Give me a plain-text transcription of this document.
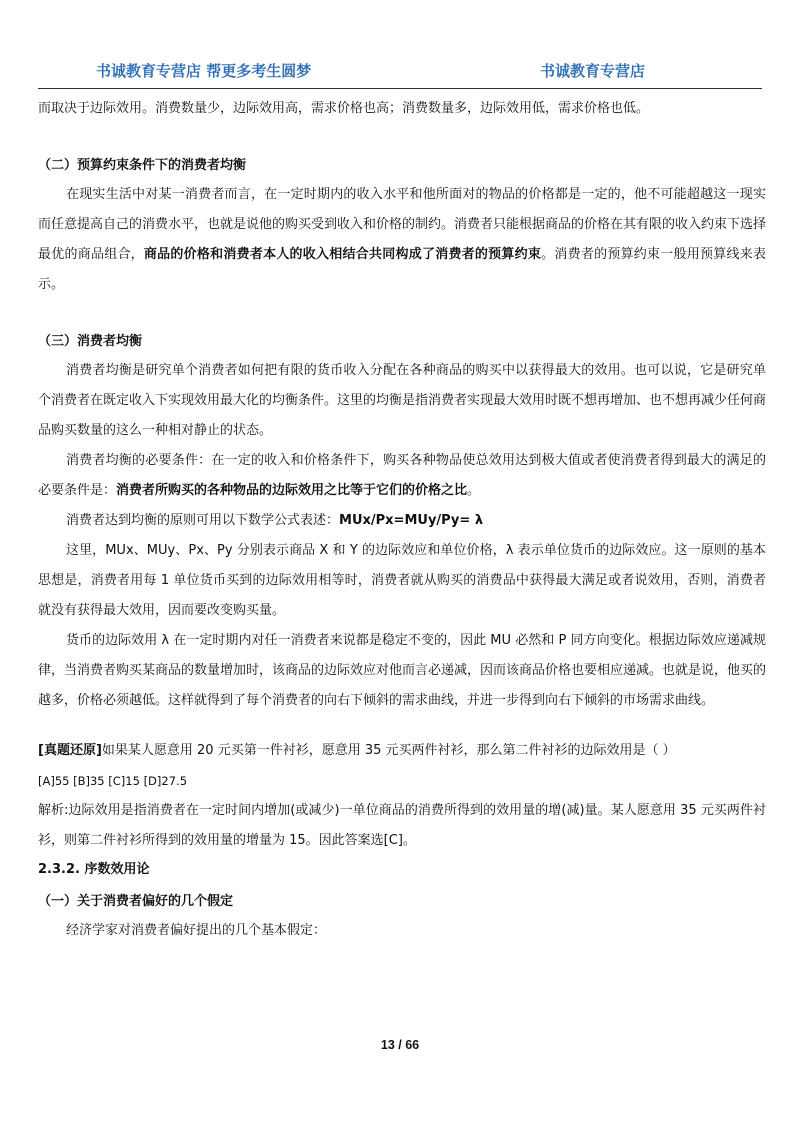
书诚教育专营店 帮更多考生圆梦	书诚教育专营店

而取决于边际效用。消费数量少，边际效用高，需求价格也高；消费数量多，边际效用低，需求价格也低。

（二）预算约束条件下的消费者均衡

在现实生活中对某一消费者而言，在一定时期内的收入水平和他所面对的物品的价格都是一定的，他不可能超越这一现实而任意提高自己的消费水平，也就是说他的购买受到收入和价格的制约。消费者只能根据商品的价格在其有限的收入约束下选择最优的商品组合，商品的价格和消费者本人的收入相结合共同构成了消费者的预算约束。消费者的预算约束一般用预算线来表示。

（三）消费者均衡

消费者均衡是研究单个消费者如何把有限的货币收入分配在各种商品的购买中以获得最大的效用。也可以说，它是研究单个消费者在既定收入下实现效用最大化的均衡条件。这里的均衡是指消费者实现最大效用时既不想再增加、也不想再减少任何商品购买数量的这么一种相对静止的状态。

消费者均衡的必要条件：在一定的收入和价格条件下，购买各种物品使总效用达到极大值或者使消费者得到最大的满足的必要条件是：消费者所购买的各种物品的边际效用之比等于它们的价格之比。

消费者达到均衡的原则可用以下数学公式表述：MUx/Px=MUy/Py= λ

这里，MUx、MUy、Px、Py 分别表示商品 X 和 Y 的边际效应和单位价格，λ 表示单位货币的边际效应。这一原则的基本思想是，消费者用每 1 单位货币买到的边际效用相等时，消费者就从购买的消费品中获得最大满足或者说效用，否则，消费者就没有获得最大效用，因而要改变购买量。

货币的边际效用 λ 在一定时期内对任一消费者来说都是稳定不变的，因此 MU 必然和 P 同方向变化。根据边际效应递减规律，当消费者购买某商品的数量增加时，该商品的边际效应对他而言必递减，因而该商品价格也要相应递减。也就是说，他买的越多，价格必须越低。这样就得到了每个消费者的向右下倾斜的需求曲线，并进一步得到向右下倾斜的市场需求曲线。

[真题还原]如果某人愿意用 20 元买第一件衬衫，愿意用 35 元买两件衬衫，那么第二件衬衫的边际效用是（ ）

[A]55 [B]35 [C]15 [D]27.5

解析:边际效用是指消费者在一定时间内增加(或减少)一单位商品的消费所得到的效用量的增(减)量。某人愿意用 35 元买两件衬衫，则第二件衬衫所得到的效用量的增量为 15。因此答案选[C]。

2.3.2. 序数效用论

（一）关于消费者偏好的几个假定

经济学家对消费者偏好提出的几个基本假定：

13 / 66
